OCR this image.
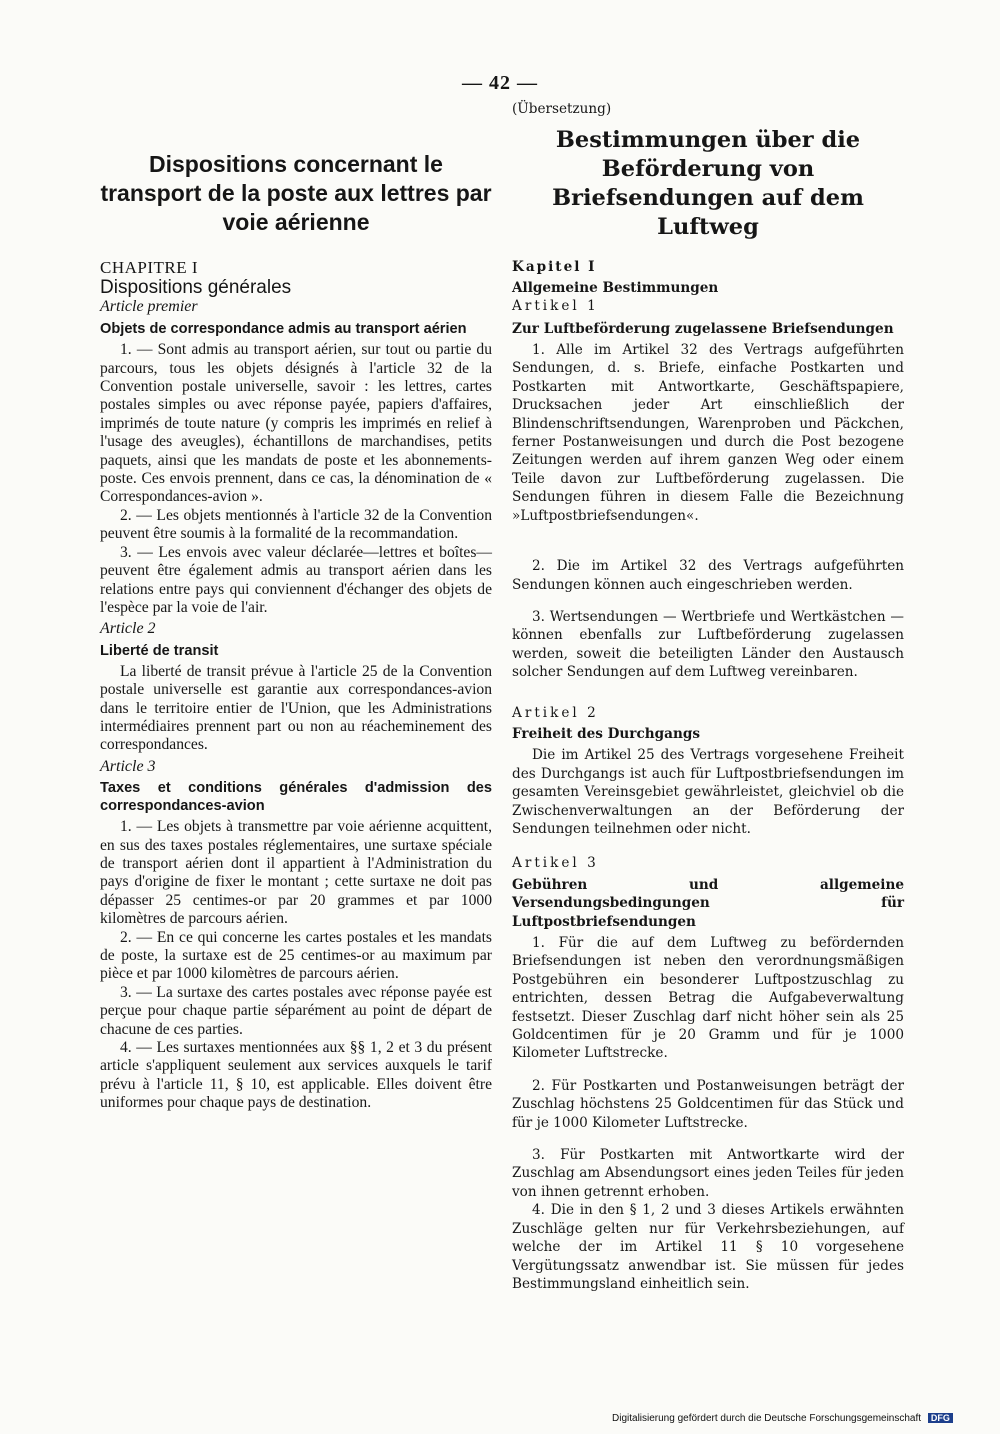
— 42 —
Dispositions concernant le transport de la poste aux lettres par voie aérienne

CHAPITRE I

Dispositions générales

Article premier

Objets de correspondance admis au transport aérien

1. — Sont admis au transport aérien, sur tout ou partie du parcours, tous les objets désignés à l'article 32 de la Convention postale universelle, savoir : les lettres, cartes postales simples ou avec réponse payée, papiers d'affaires, imprimés de toute nature (y compris les imprimés en relief à l'usage des aveugles), échantillons de marchandises, petits paquets, ainsi que les mandats de poste et les abonnements-poste. Ces envois prennent, dans ce cas, la dénomination de « Correspondances-avion ».

2. — Les objets mentionnés à l'article 32 de la Convention peuvent être soumis à la formalité de la recommandation.

3. — Les envois avec valeur déclarée—lettres et boîtes—peuvent être également admis au transport aérien dans les relations entre pays qui conviennent d'échanger des objets de l'espèce par la voie de l'air.

Article 2

Liberté de transit

La liberté de transit prévue à l'article 25 de la Convention postale universelle est garantie aux correspondances-avion dans le territoire entier de l'Union, que les Administrations intermédiaires prennent part ou non au réacheminement des correspondances.

Article 3

Taxes et conditions générales d'admission des correspondances-avion

1. — Les objets à transmettre par voie aérienne acquittent, en sus des taxes postales réglementaires, une surtaxe spéciale de transport aérien dont il appartient à l'Administration du pays d'origine de fixer le montant ; cette surtaxe ne doit pas dépasser 25 centimes-or par 20 grammes et par 1000 kilomètres de parcours aérien.

2. — En ce qui concerne les cartes postales et les mandats de poste, la surtaxe est de 25 centimes-or au maximum par pièce et par 1000 kilomètres de parcours aérien.

3. — La surtaxe des cartes postales avec réponse payée est perçue pour chaque partie séparément au point de départ de chacune de ces parties.

4. — Les surtaxes mentionnées aux §§ 1, 2 et 3 du présent article s'appliquent seulement aux services auxquels le tarif prévu à l'article 11, § 10, est applicable. Elles doivent être uniformes pour chaque pays de destination.

(Übersetzung)

Bestimmungen über die Beförderung von Briefsendungen auf dem Luftweg

Kapitel I

Allgemeine Bestimmungen

Artikel 1

Zur Luftbeförderung zugelassene Briefsendungen

1. Alle im Artikel 32 des Vertrags aufgeführten Sendungen, d. s. Briefe, einfache Postkarten und Postkarten mit Antwortkarte, Geschäftspapiere, Drucksachen jeder Art einschließlich der Blindenschriftsendungen, Warenproben und Päckchen, ferner Postanweisungen und durch die Post bezogene Zeitungen werden auf ihrem ganzen Weg oder einem Teile davon zur Luftbeförderung zugelassen. Die Sendungen führen in diesem Falle die Bezeichnung »Luftpostbriefsendungen«.

2. Die im Artikel 32 des Vertrags aufgeführten Sendungen können auch eingeschrieben werden.

3. Wertsendungen — Wertbriefe und Wertkästchen — können ebenfalls zur Luftbeförderung zugelassen werden, soweit die beteiligten Länder den Austausch solcher Sendungen auf dem Luftweg vereinbaren.

Artikel 2

Freiheit des Durchgangs

Die im Artikel 25 des Vertrags vorgesehene Freiheit des Durchgangs ist auch für Luftpostbriefsendungen im gesamten Vereinsgebiet gewährleistet, gleichviel ob die Zwischenverwaltungen an der Beförderung der Sendungen teilnehmen oder nicht.

Artikel 3

Gebühren und allgemeine Versendungsbedingungen für Luftpostbriefsendungen

1. Für die auf dem Luftweg zu befördernden Briefsendungen ist neben den verordnungsmäßigen Postgebühren ein besonderer Luftpostzuschlag zu entrichten, dessen Betrag die Aufgabeverwaltung festsetzt. Dieser Zuschlag darf nicht höher sein als 25 Goldcentimen für je 20 Gramm und für je 1000 Kilometer Luftstrecke.

2. Für Postkarten und Postanweisungen beträgt der Zuschlag höchstens 25 Goldcentimen für das Stück und für je 1000 Kilometer Luftstrecke.

3. Für Postkarten mit Antwortkarte wird der Zuschlag am Absendungsort eines jeden Teiles für jeden von ihnen getrennt erhoben.

4. Die in den § 1, 2 und 3 dieses Artikels erwähnten Zuschläge gelten nur für Verkehrsbeziehungen, auf welche der im Artikel 11 § 10 vorgesehene Vergütungssatz anwendbar ist. Sie müssen für jedes Bestimmungsland einheitlich sein.

Digitalisierung gefördert durch die Deutsche Forschungsgemeinschaft DFG
